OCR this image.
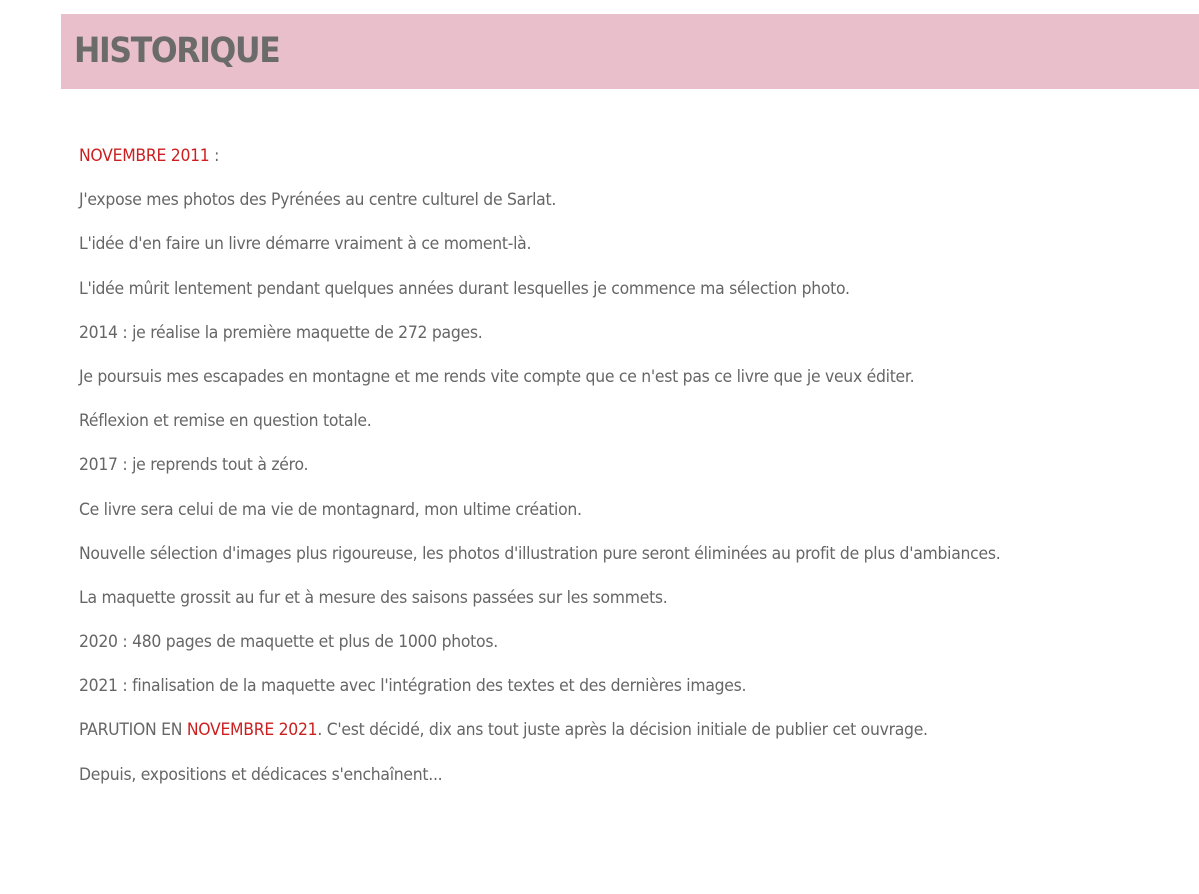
HISTORIQUE

NOVEMBRE 2011 :

J'expose mes photos des Pyrénées au centre culturel de Sarlat.

L'idée d'en faire un livre démarre vraiment à ce moment-là.

L'idée mûrit lentement pendant quelques années durant lesquelles je commence ma sélection photo.

2014 : je réalise la première maquette de 272 pages.

Je poursuis mes escapades en montagne et me rends vite compte que ce n'est pas ce livre que je veux éditer.

Réflexion et remise en question totale.

2017 : je reprends tout à zéro.

Ce livre sera celui de ma vie de montagnard, mon ultime création.

Nouvelle sélection d'images plus rigoureuse, les photos d'illustration pure seront éliminées au profit de plus d'ambiances.

La maquette grossit au fur et à mesure des saisons passées sur les sommets.

2020 : 480 pages de maquette et plus de 1000 photos.

2021 : finalisation de la maquette avec l'intégration des textes et des dernières images.

PARUTION EN NOVEMBRE 2021. C'est décidé, dix ans tout juste après la décision initiale de publier cet ouvrage.

Depuis, expositions et dédicaces s'enchaînent...
